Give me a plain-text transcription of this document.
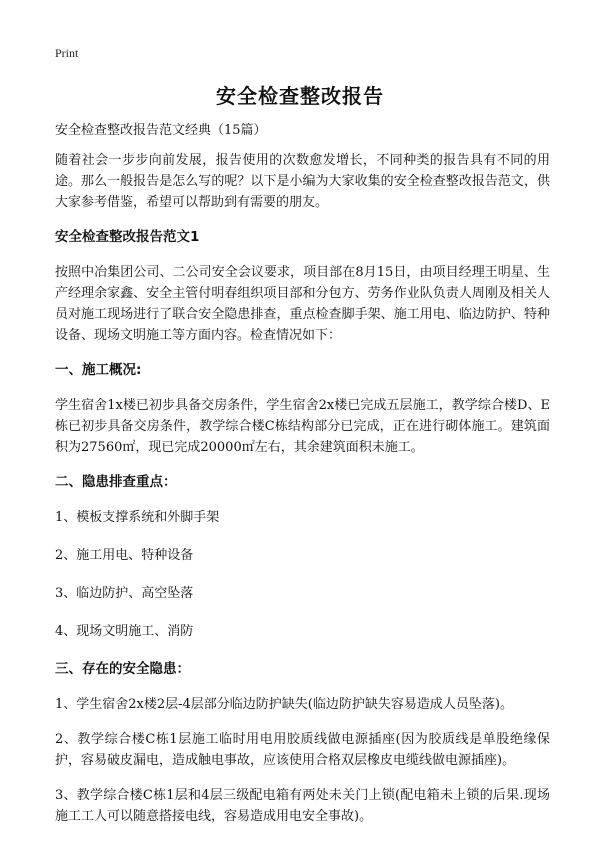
Print
安全检查整改报告

安全检查整改报告范文经典（15篇）

随着社会一步步向前发展，报告使用的次数愈发增长，不同种类的报告具有不同的用途。那么一般报告是怎么写的呢？以下是小编为大家收集的安全检查整改报告范文，供大家参考借鉴，希望可以帮助到有需要的朋友。

安全检查整改报告范文1

按照中冶集团公司、二公司安全会议要求，项目部在8月15日，由项目经理王明星、生产经理余家鑫、安全主管付明春组织项目部和分包方、劳务作业队负责人周刚及相关人员对施工现场进行了联合安全隐患排查，重点检查脚手架、施工用电、临边防护、特种设备、现场文明施工等方面内容。检查情况如下：

一、施工概况:

学生宿舍1x楼已初步具备交房条件，学生宿舍2x楼已完成五层施工，教学综合楼D、E栋已初步具备交房条件，教学综合楼C栋结构部分已完成，正在进行砌体施工。建筑面积为27560㎡，现已完成20000㎡左右，其余建筑面积未施工。

二、隐患排查重点：

1、模板支撑系统和外脚手架

2、施工用电、特种设备

3、临边防护、高空坠落

4、现场文明施工、消防

三、存在的安全隐患：

1、学生宿舍2x楼2层-4层部分临边防护缺失(临边防护缺失容易造成人员坠落)。

2、教学综合楼C栋1层施工临时用电用胶质线做电源插座(因为胶质线是单股绝缘保护，容易破皮漏电，造成触电事故，应该使用合格双层橡皮电缆线做电源插座)。

3、教学综合楼C栋1层和4层三级配电箱有两处未关门上锁(配电箱未上锁的后果.现场施工工人可以随意搭接电线，容易造成用电安全事故)。
